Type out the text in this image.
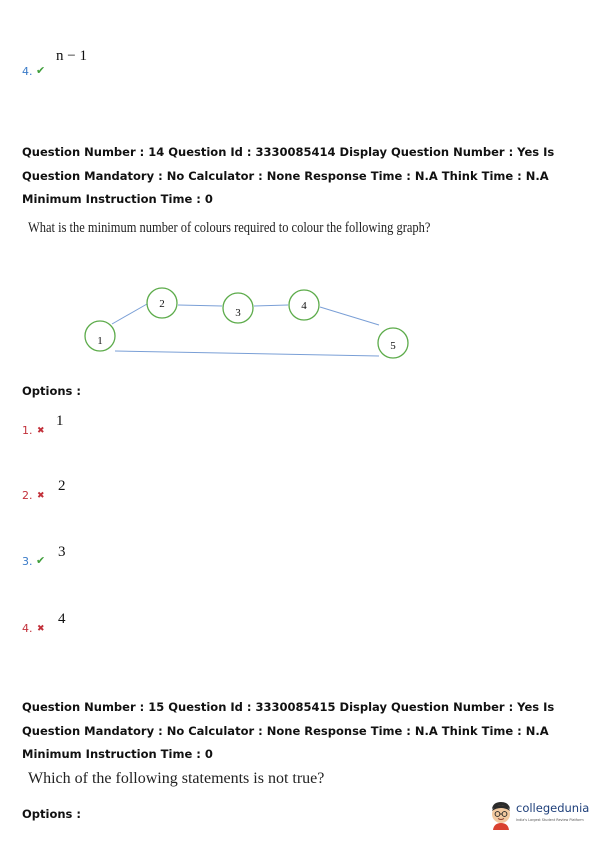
4. ✔
n − 1
Question Number : 14 Question Id : 3330085414 Display Question Number : Yes Is Question Mandatory : No Calculator : None Response Time : N.A Think Time : N.A Minimum Instruction Time : 0
What is the minimum number of colours required to colour the following graph?
1
2
3
4
5
Options :
1. ✖
1
2. ✖
2
3. ✔
3
4. ✖
4
Question Number : 15 Question Id : 3330085415 Display Question Number : Yes Is Question Mandatory : No Calculator : None Response Time : N.A Think Time : N.A Minimum Instruction Time : 0
Which of the following statements is not true?
Options :	collegedunia
India's Largest Student Review Platform
